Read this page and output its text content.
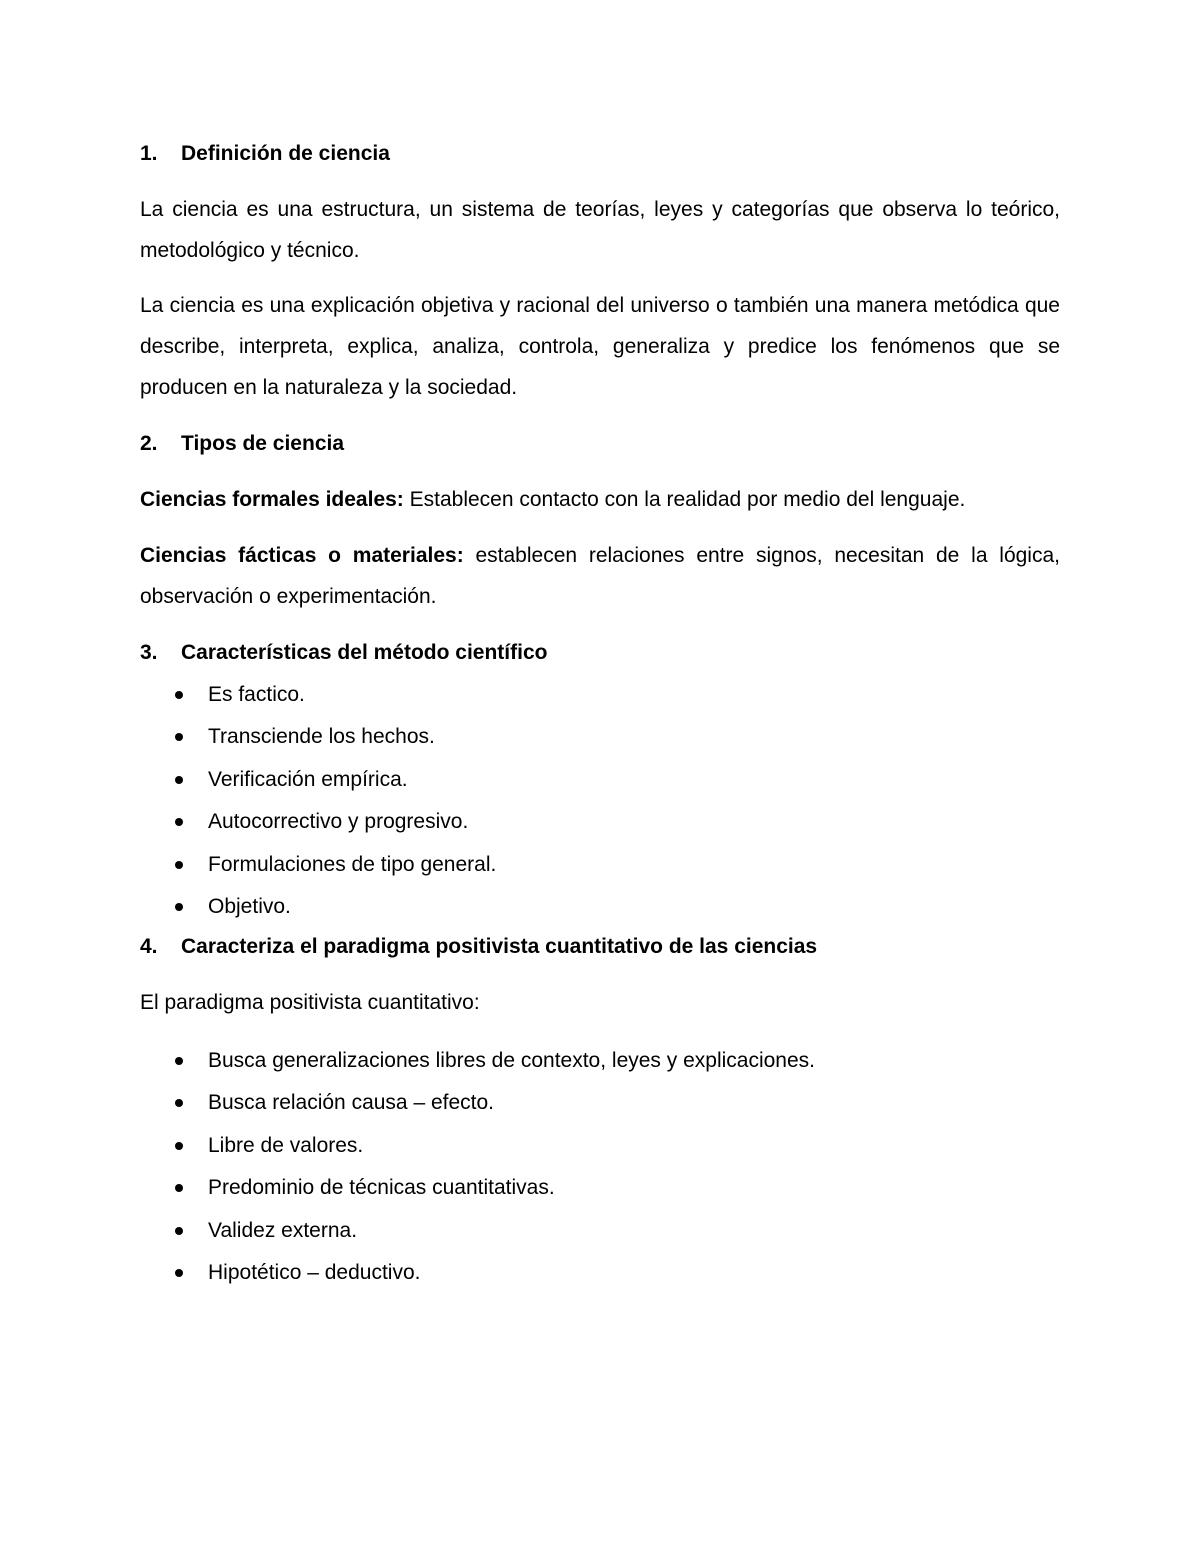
1. Definición de ciencia
La ciencia es una estructura, un sistema de teorías, leyes y categorías que observa lo teórico, metodológico y técnico.
La ciencia es una explicación objetiva y racional del universo o también una manera metódica que describe, interpreta, explica, analiza, controla, generaliza y predice los fenómenos que se producen en la naturaleza y la sociedad.
2. Tipos de ciencia
Ciencias formales ideales: Establecen contacto con la realidad por medio del lenguaje.
Ciencias fácticas o materiales: establecen relaciones entre signos, necesitan de la lógica, observación o experimentación.
3. Características del método científico
Es factico.
Transciende los hechos.
Verificación empírica.
Autocorrectivo y progresivo.
Formulaciones de tipo general.
Objetivo.
4. Caracteriza el paradigma positivista cuantitativo de las ciencias
El paradigma positivista cuantitativo:
Busca generalizaciones libres de contexto, leyes y explicaciones.
Busca relación causa – efecto.
Libre de valores.
Predominio de técnicas cuantitativas.
Validez externa.
Hipotético – deductivo.
